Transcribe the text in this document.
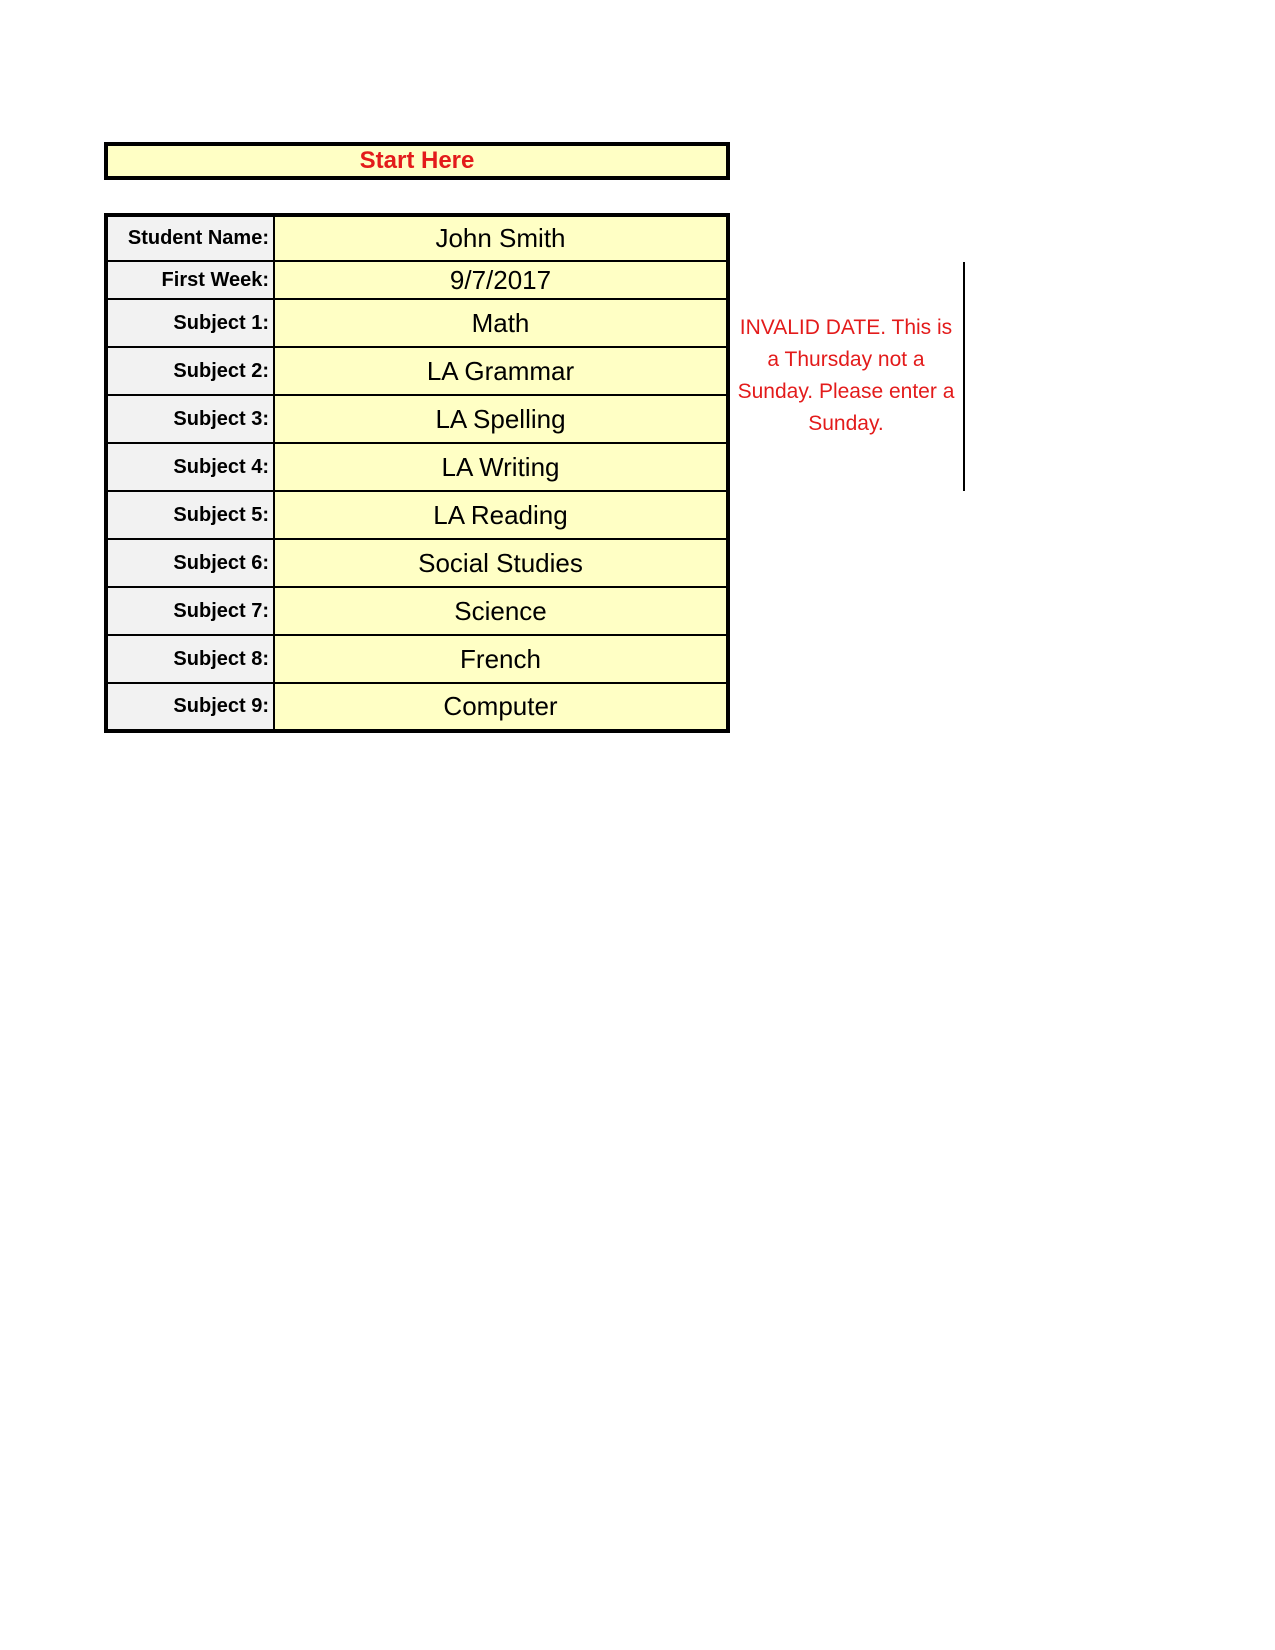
Start Here
Student Name:	John Smith
First Week:	9/7/2017
Subject 1:	Math
Subject 2:	LA Grammar
Subject 3:	LA Spelling
Subject 4:	LA Writing
Subject 5:	LA Reading
Subject 6:	Social Studies
Subject 7:	Science
Subject 8:	French
Subject 9:	Computer
INVALID DATE. This is a Thursday not a Sunday. Please enter a Sunday.
